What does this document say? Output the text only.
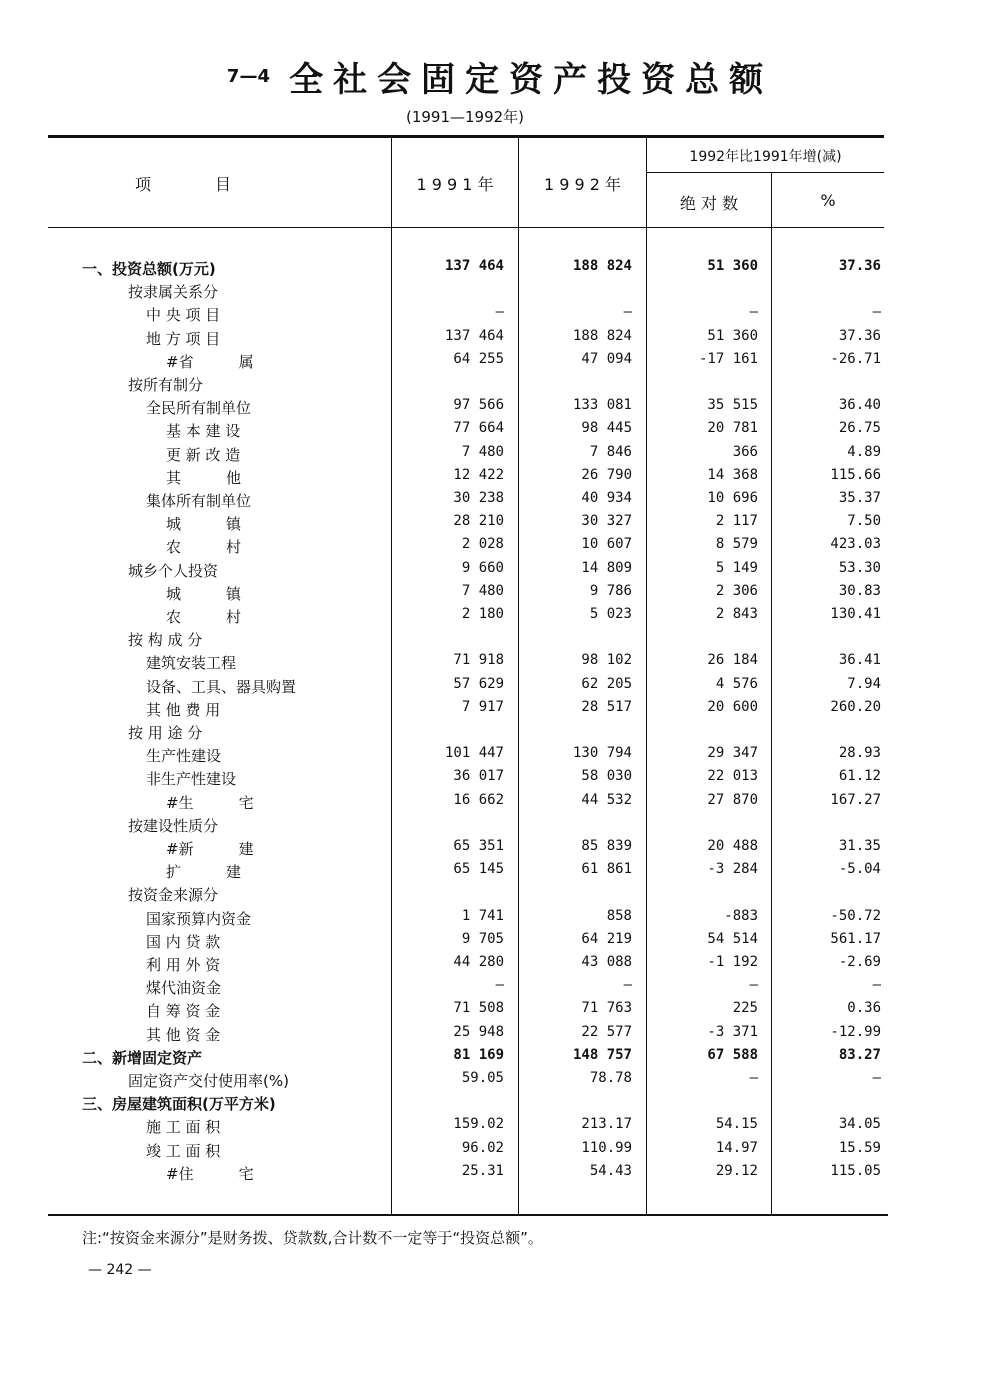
7—4 全社会固定资产投资总额
(1991—1992年)
项　　　　目	1 9 9 1 年	1 9 9 2 年
1992年比1991年增(减)
绝 对 数	%
一、投资总额(万元)	137 464	188 824	51 360	37.36
按隶属关系分
中 央 项 目	—	—	—	—
地 方 项 目	137 464	188 824	51 360	37.36
#省　　　属	64 255	47 094	-17 161	-26.71
按所有制分
全民所有制单位	97 566	133 081	35 515	36.40
基 本 建 设	77 664	98 445	20 781	26.75
更 新 改 造	7 480	7 846	366	4.89
其　　　他	12 422	26 790	14 368	115.66
集体所有制单位	30 238	40 934	10 696	35.37
城　　　镇	28 210	30 327	2 117	7.50
农　　　村	2 028	10 607	8 579	423.03
城乡个人投资	9 660	14 809	5 149	53.30
城　　　镇	7 480	9 786	2 306	30.83
农　　　村	2 180	5 023	2 843	130.41
按 构 成 分
建筑安装工程	71 918	98 102	26 184	36.41
设备、工具、器具购置	57 629	62 205	4 576	7.94
其 他 费 用	7 917	28 517	20 600	260.20
按 用 途 分
生产性建设	101 447	130 794	29 347	28.93
非生产性建设	36 017	58 030	22 013	61.12
#生　　　宅	16 662	44 532	27 870	167.27
按建设性质分
#新　　　建	65 351	85 839	20 488	31.35
扩　　　建	65 145	61 861	-3 284	-5.04
按资金来源分
国家预算内资金	1 741	858	-883	-50.72
国 内 贷 款	9 705	64 219	54 514	561.17
利 用 外 资	44 280	43 088	-1 192	-2.69
煤代油资金	—	—	—	—
自 筹 资 金	71 508	71 763	225	0.36
其 他 资 金	25 948	22 577	-3 371	-12.99
二、新增固定资产	81 169	148 757	67 588	83.27
固定资产交付使用率(%)	59.05	78.78	—	—
三、房屋建筑面积(万平方米)
施 工 面 积	159.02	213.17	54.15	34.05
竣 工 面 积	96.02	110.99	14.97	15.59
#住　　　宅	25.31	54.43	29.12	115.05
注:“按资金来源分”是财务拨、贷款数,合计数不一定等于“投资总额”。
— 242 —
